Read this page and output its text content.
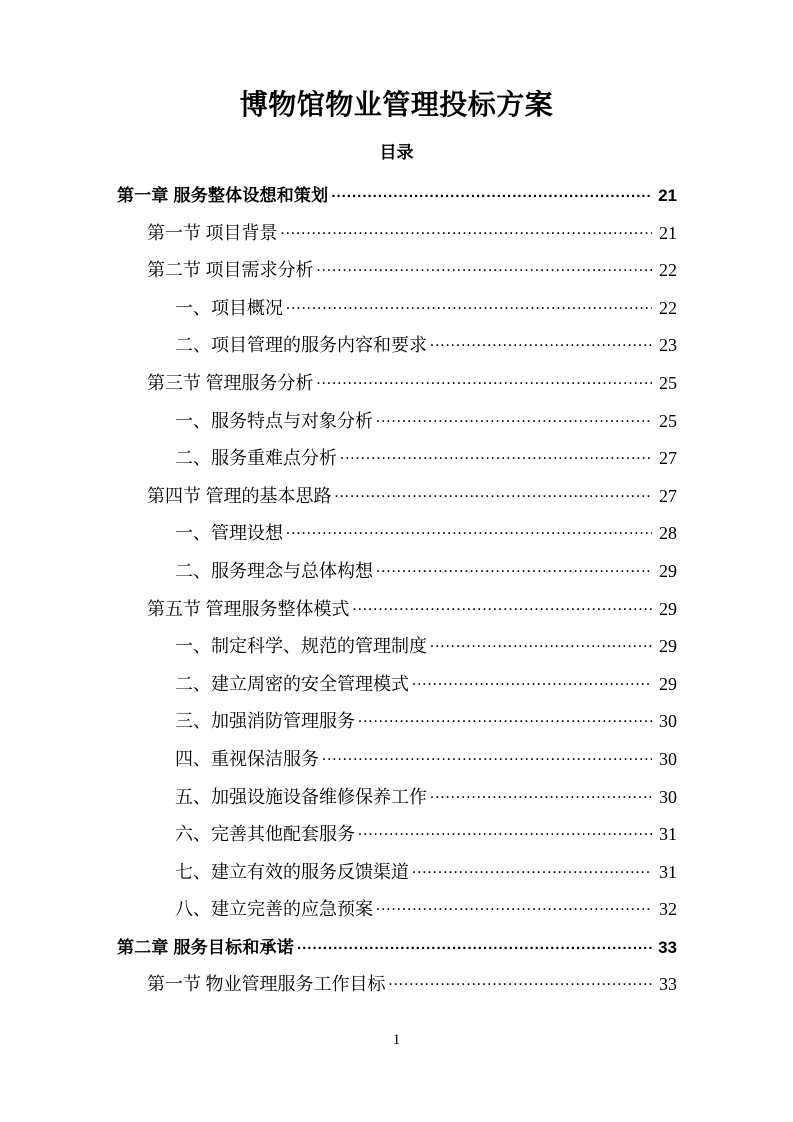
博物馆物业管理投标方案
目录
第一章 服务整体设想和策划 .....	21
第一节 项目背景 .....	21
第二节 项目需求分析 .....	22
一、项目概况 .....	22
二、项目管理的服务内容和要求 .....	23
第三节 管理服务分析 .....	25
一、服务特点与对象分析 .....	25
二、服务重难点分析 .....	27
第四节 管理的基本思路 .....	27
一、管理设想 .....	28
二、服务理念与总体构想 .....	29
第五节 管理服务整体模式 .....	29
一、制定科学、规范的管理制度 .....	29
二、建立周密的安全管理模式 .....	29
三、加强消防管理服务 .....	30
四、重视保洁服务 .....	30
五、加强设施设备维修保养工作 .....	30
六、完善其他配套服务 .....	31
七、建立有效的服务反馈渠道 .....	31
八、建立完善的应急预案 .....	32
第二章 服务目标和承诺 .....	33
第一节 物业管理服务工作目标 .....	33
1
